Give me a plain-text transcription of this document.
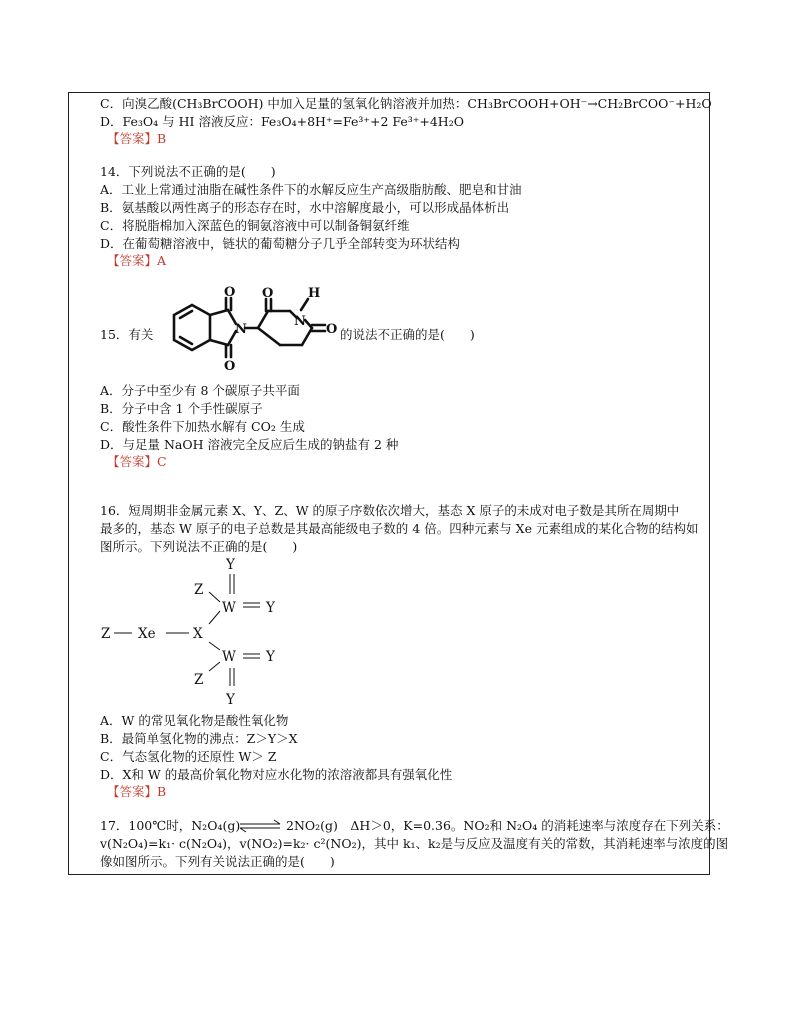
C．向溴乙酸(CH₃BrCOOH) 中加入足量的氢氧化钠溶液并加热：CH₃BrCOOH+OH⁻→CH₂BrCOO⁻+H₂O
D．Fe₃O₄ 与 HI 溶液反应：Fe₃O₄+8H⁺=Fe³⁺+2 Fe³⁺+4H₂O
【答案】B
14．下列说法不正确的是(　　)
A．工业上常通过油脂在碱性条件下的水解反应生产高级脂肪酸、肥皂和甘油
B．氨基酸以两性离子的形态存在时，水中溶解度最小，可以形成晶体析出
C．将脱脂棉加入深蓝色的铜氨溶液中可以制备铜氨纤维
D．在葡萄糖溶液中，链状的葡萄糖分子几乎全部转变为环状结构
【答案】A
15．有关
O
O
N
O
N
H
O 的说法不正确的是(　　)
A．分子中至少有 8 个碳原子共平面
B．分子中含 1 个手性碳原子
C．酸性条件下加热水解有 CO₂ 生成
D．与足量 NaOH 溶液完全反应后生成的钠盐有 2 种
【答案】C
16．短周期非金属元素 X、Y、Z、W 的原子序数依次增大，基态 X 原子的未成对电子数是其所在周期中
最多的，基态 W 原子的电子总数是其最高能级电子数的 4 倍。四种元素与 Xe 元素组成的某化合物的结构如
图所示。下列说法不正确的是(　　)
Y
Z
W Y
Z Xe	X
W Y
Z
Y
A．W 的常见氧化物是酸性氧化物
B．最简单氢化物的沸点：Z＞Y＞X
C．气态氢化物的还原性 W＞ Z
D．X和 W 的最高价氧化物对应水化物的浓溶液都具有强氧化性
【答案】B
17．100℃时，N₂O₄(g) ⇌ 2NO₂(g)　ΔH＞0，K=0.36。NO₂和 N₂O₄ 的消耗速率与浓度存在下列关系：
v(N₂O₄)=k₁· c(N₂O₄)，v(NO₂)=k₂· c²(NO₂)，其中 k₁、k₂是与反应及温度有关的常数，其消耗速率与浓度的图
像如图所示。下列有关说法正确的是(　　)
